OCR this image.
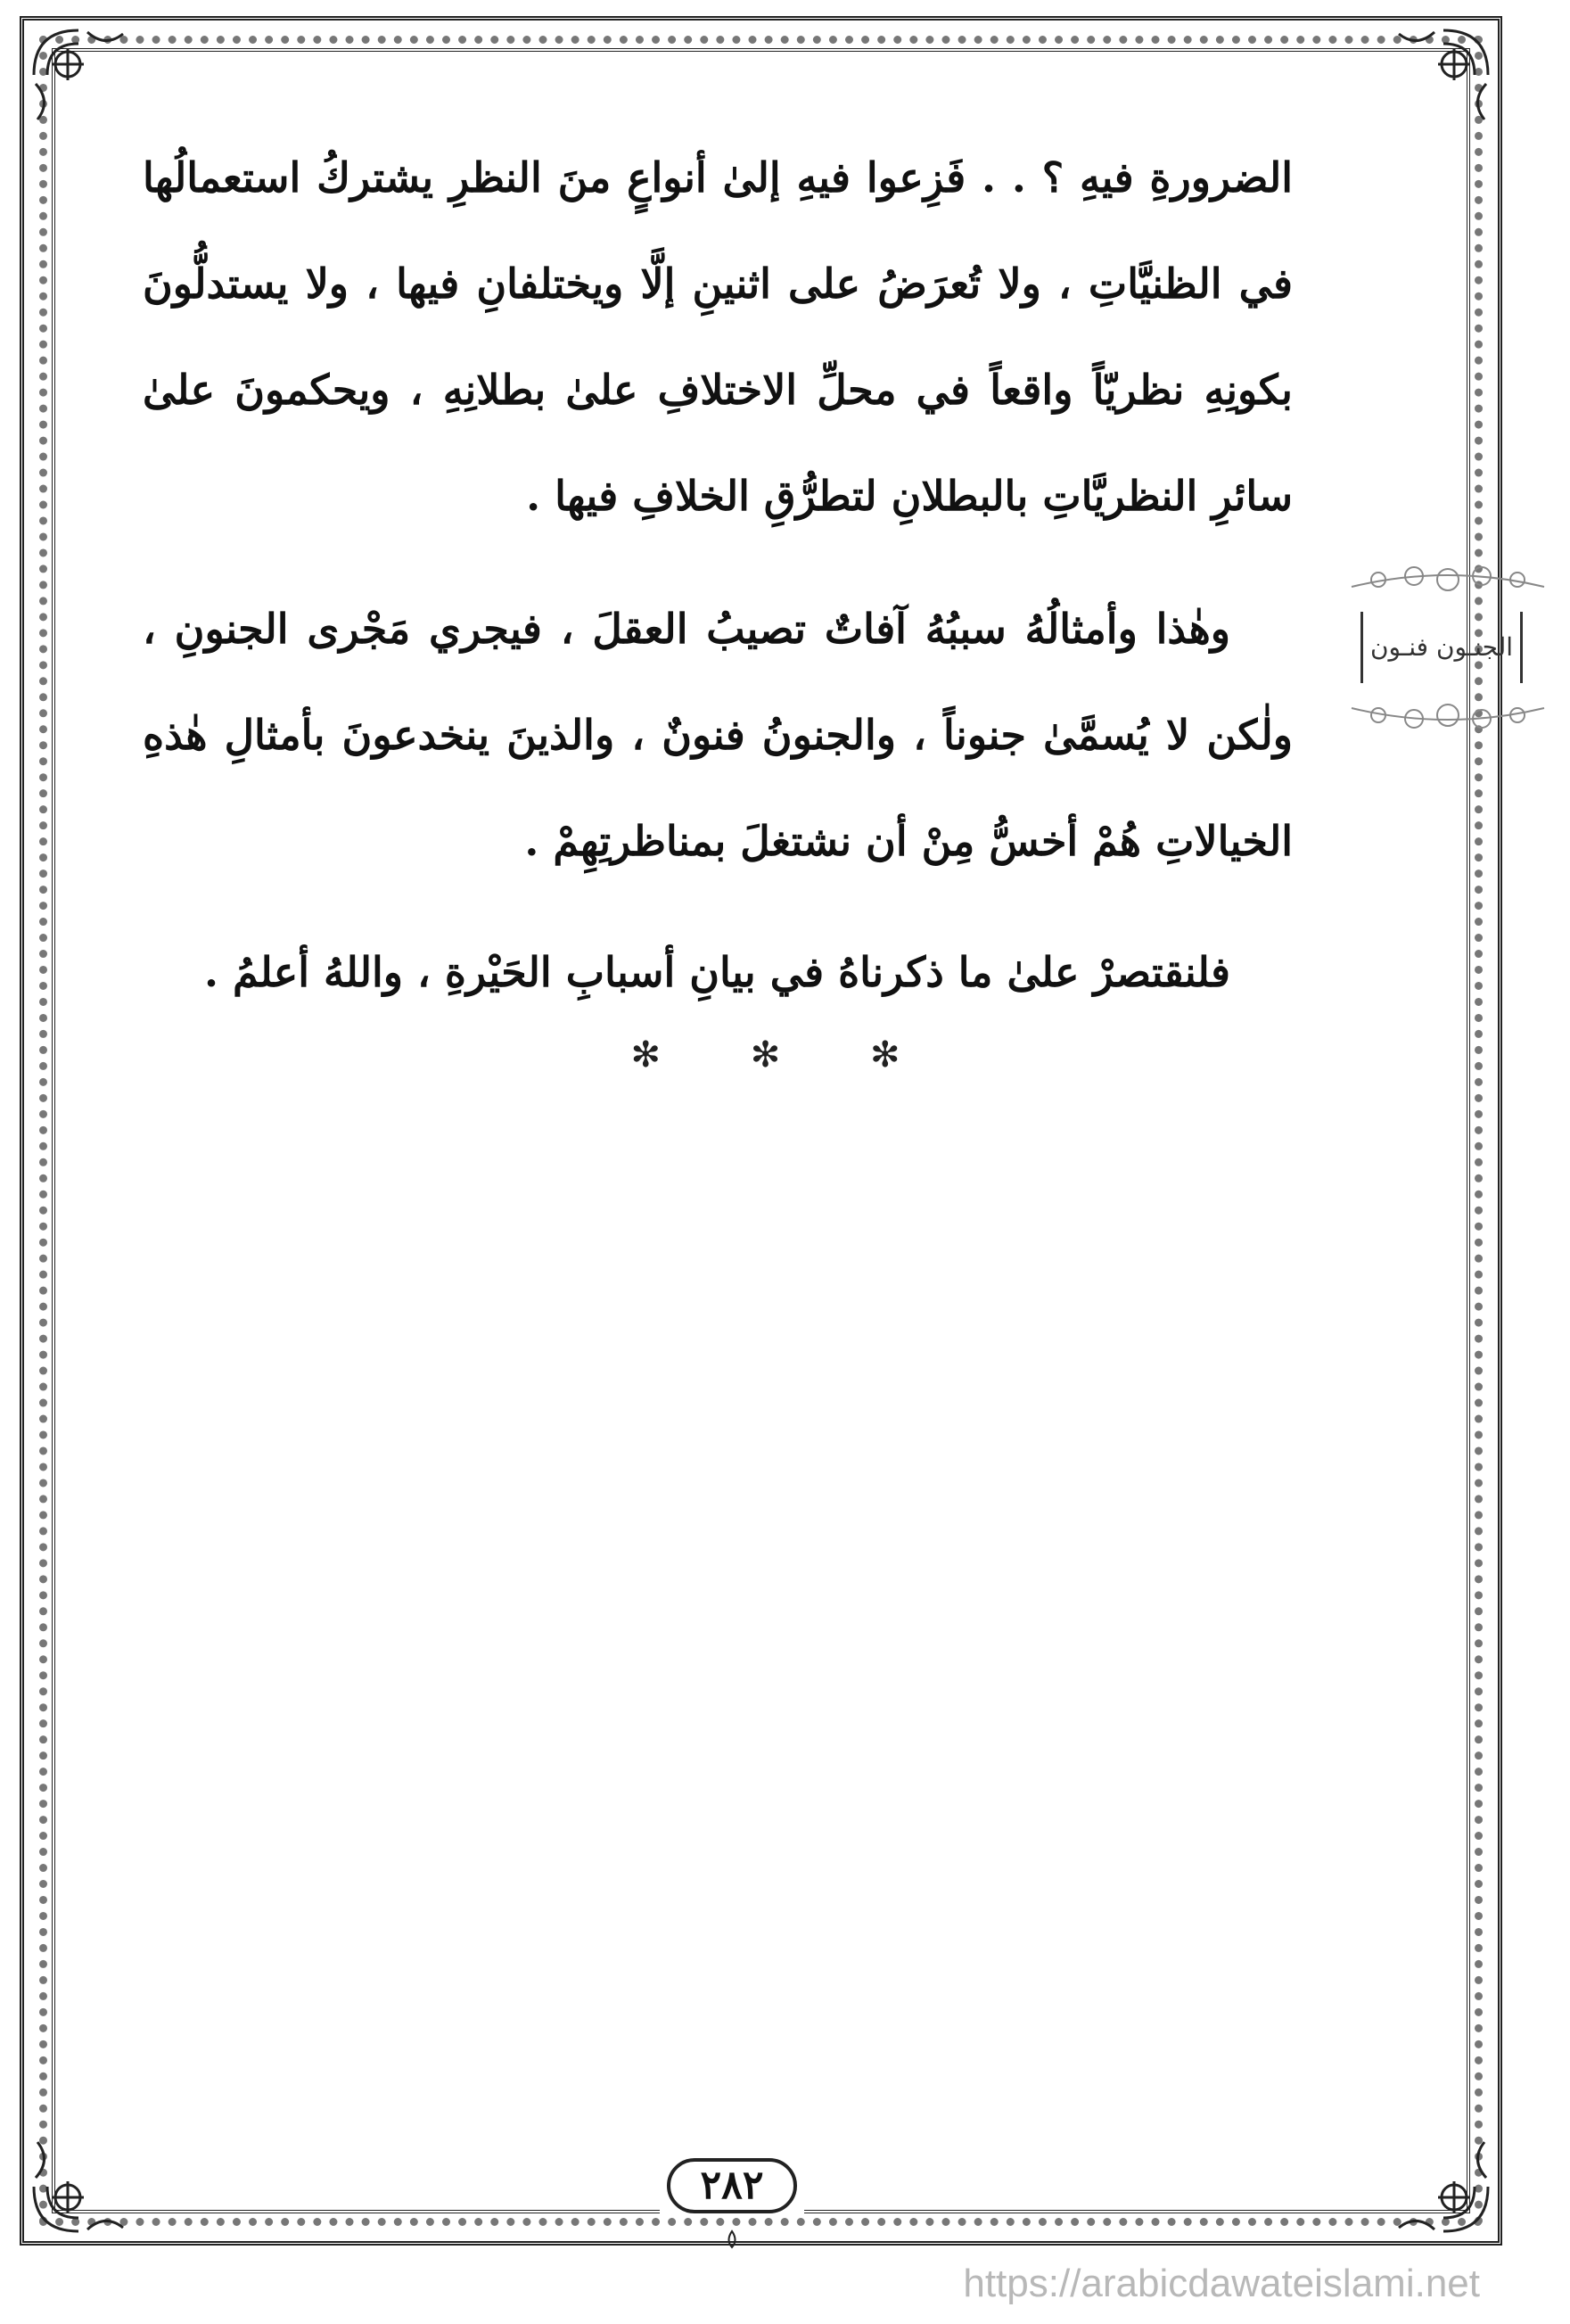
الضرورةِ فيهِ ؟ . . فَزِعوا فيهِ إلىٰ أنواعٍ منَ النظرِ يشتركُ استعمالُها في الظنيَّاتِ ، ولا تُعرَضُ على اثنينِ إلَّا ويختلفانِ فيها ، ولا يستدلُّونَ بكونِهِ نظريّاً واقعاً في محلِّ الاختلافِ علىٰ بطلانِهِ ، ويحكمونَ علىٰ سائرِ النظريَّاتِ بالبطلانِ لتطرُّقِ الخلافِ فيها .

وهٰذا وأمثالُهُ سببُهُ آفاتٌ تصيبُ العقلَ ، فيجري مَجْرى الجنونِ ، ولٰكن لا يُسمَّىٰ جنوناً ، والجنونُ فنونٌ ، والذينَ ينخدعونَ بأمثالِ هٰذهِ الخيالاتِ هُمْ أخسُّ مِنْ أن نشتغلَ بمناظرتِهِمْ .

فلنقتصرْ علىٰ ما ذكرناهُ في بيانِ أسبابِ الحَيْرةِ ، واللهُ أعلمُ .

✻ ✻ ✻
الجنـون فنـون
٢٨٢
https://arabicdawateislami.net
